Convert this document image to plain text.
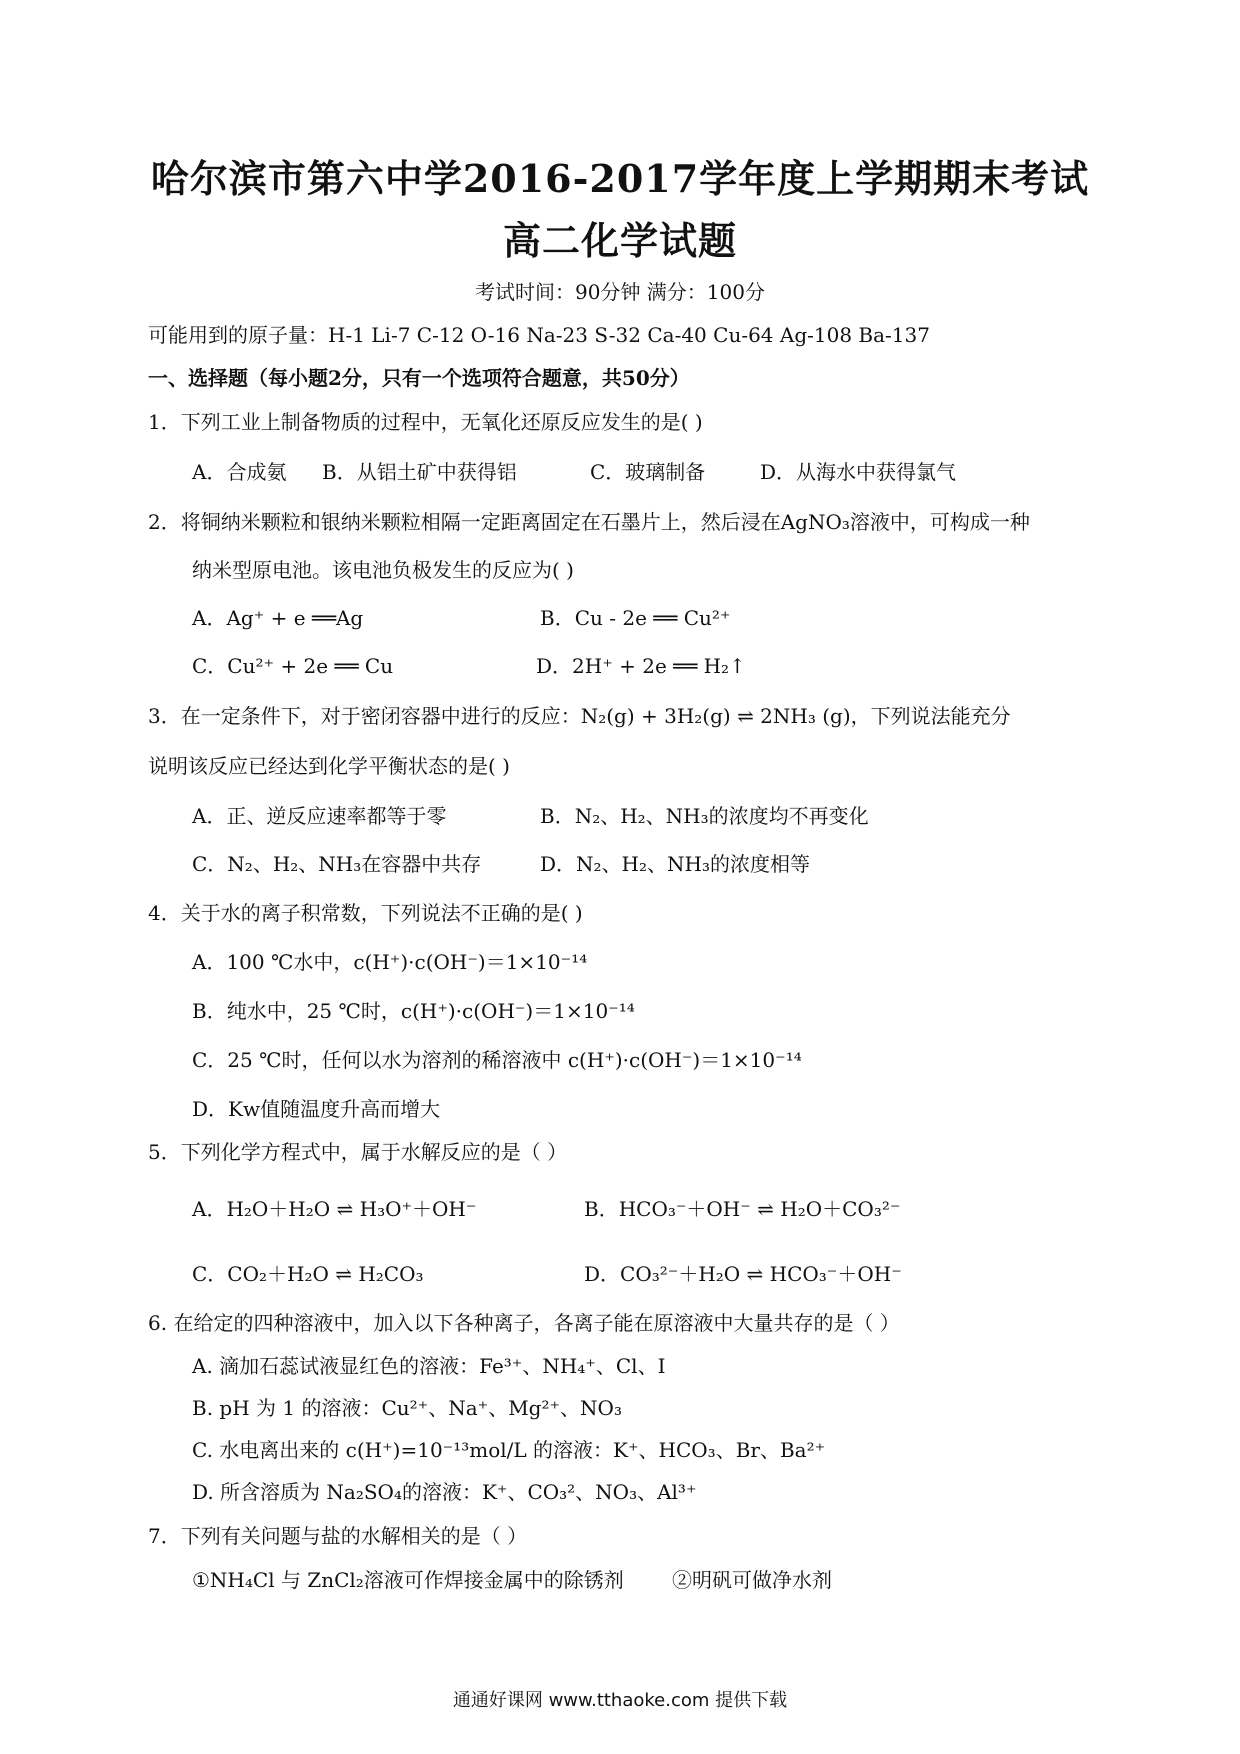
哈尔滨市第六中学2016-2017学年度上学期期末考试
高二化学试题
考试时间：90分钟 满分：100分
可能用到的原子量：H-1 Li-7 C-12 O-16 Na-23 S-32 Ca-40 Cu-64 Ag-108 Ba-137
一、选择题（每小题2分，只有一个选项符合题意，共50分）
1．下列工业上制备物质的过程中，无氧化还原反应发生的是( )
A．合成氨 B．从铝土矿中获得铝	C．玻璃制备	D．从海水中获得氯气
2．将铜纳米颗粒和银纳米颗粒相隔一定距离固定在石墨片上，然后浸在AgNO₃溶液中，可构成一种
纳米型原电池。该电池负极发生的反应为( )
A．Ag⁺ + e ══Ag	B．Cu - 2e ══ Cu²⁺
C．Cu²⁺ + 2e ══ Cu	D．2H⁺ + 2e ══ H₂↑
3．在一定条件下，对于密闭容器中进行的反应：N₂(g) + 3H₂(g) ⇌ 2NH₃ (g)，下列说法能充分
说明该反应已经达到化学平衡状态的是( )
A．正、逆反应速率都等于零	B．N₂、H₂、NH₃的浓度均不再变化
C．N₂、H₂、NH₃在容器中共存	D．N₂、H₂、NH₃的浓度相等
4．关于水的离子积常数，下列说法不正确的是( )
A．100 ℃水中，c(H⁺)·c(OH⁻)＝1×10⁻¹⁴
B．纯水中，25 ℃时，c(H⁺)·c(OH⁻)＝1×10⁻¹⁴
C．25 ℃时，任何以水为溶剂的稀溶液中 c(H⁺)·c(OH⁻)＝1×10⁻¹⁴
D．Kw值随温度升高而增大
5．下列化学方程式中，属于水解反应的是（ ）
A．H₂O＋H₂O ⇌ H₃O⁺＋OH⁻	B．HCO₃⁻＋OH⁻ ⇌ H₂O＋CO₃²⁻
C．CO₂＋H₂O ⇌ H₂CO₃	D．CO₃²⁻＋H₂O ⇌ HCO₃⁻＋OH⁻
6. 在给定的四种溶液中，加入以下各种离子，各离子能在原溶液中大量共存的是（ ）
A. 滴加石蕊试液显红色的溶液：Fe³⁺、NH₄⁺、Cl、I
B. pH 为 1 的溶液：Cu²⁺、Na⁺、Mg²⁺、NO₃
C. 水电离出来的 c(H⁺)=10⁻¹³mol/L 的溶液：K⁺、HCO₃、Br、Ba²⁺
D. 所含溶质为 Na₂SO₄的溶液：K⁺、CO₃²、NO₃、Al³⁺
7．下列有关问题与盐的水解相关的是（ ）
①NH₄Cl 与 ZnCl₂溶液可作焊接金属中的除锈剂 ②明矾可做净水剂
通通好课网 www.tthaoke.com 提供下载
